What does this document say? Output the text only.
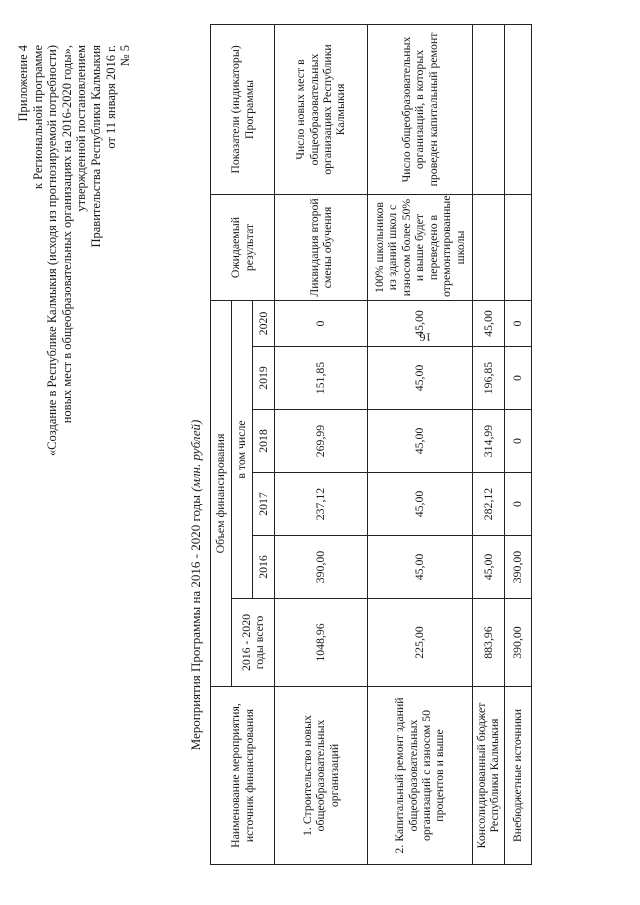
Приложение 4 к Региональной программе «Создание в Республике Калмыкия (исходя из прогнозируемой потребности) новых мест в общеобразовательных организациях на 2016-2020 годы», утвержденной постановлением Правительства Республики Калмыкия от 11 января 2016 г. № 5
Мероприятия Программы на 2016 - 2020 годы (млн. рублей)
Наименование мероприятия, источник финансирования	Объем финансирования						Ожидаемый результат	Показатели (индикаторы) Программы
	2016 - 2020 годы всего	в том числе						
		2016	2017	2018	2019	2020		
1. Строительство новых общеобразовательных организаций	1048,96	390,00	237,12	269,99	151,85	0	Ликвидация второй смены обучения	Число новых мест в общеобразовательных организациях Республики Калмыкия
2. Капитальный ремонт зданий общеобразовательных организаций с износом 50 процентов и выше	225,00	45,00	45,00	45,00	45,00	45,00	100% школьников из зданий школ с износом более 50% и выше будет переведено в отремонтированные школы	Число общеобразовательных организаций, в которых проведен капитальный ремонт
Консолидированный бюджет Республики Калмыкия	883,96	45,00	282,12	314,99	196,85	45,00		
Внебюджетные источники	390,00	390,00	0	0	0	0		
16
